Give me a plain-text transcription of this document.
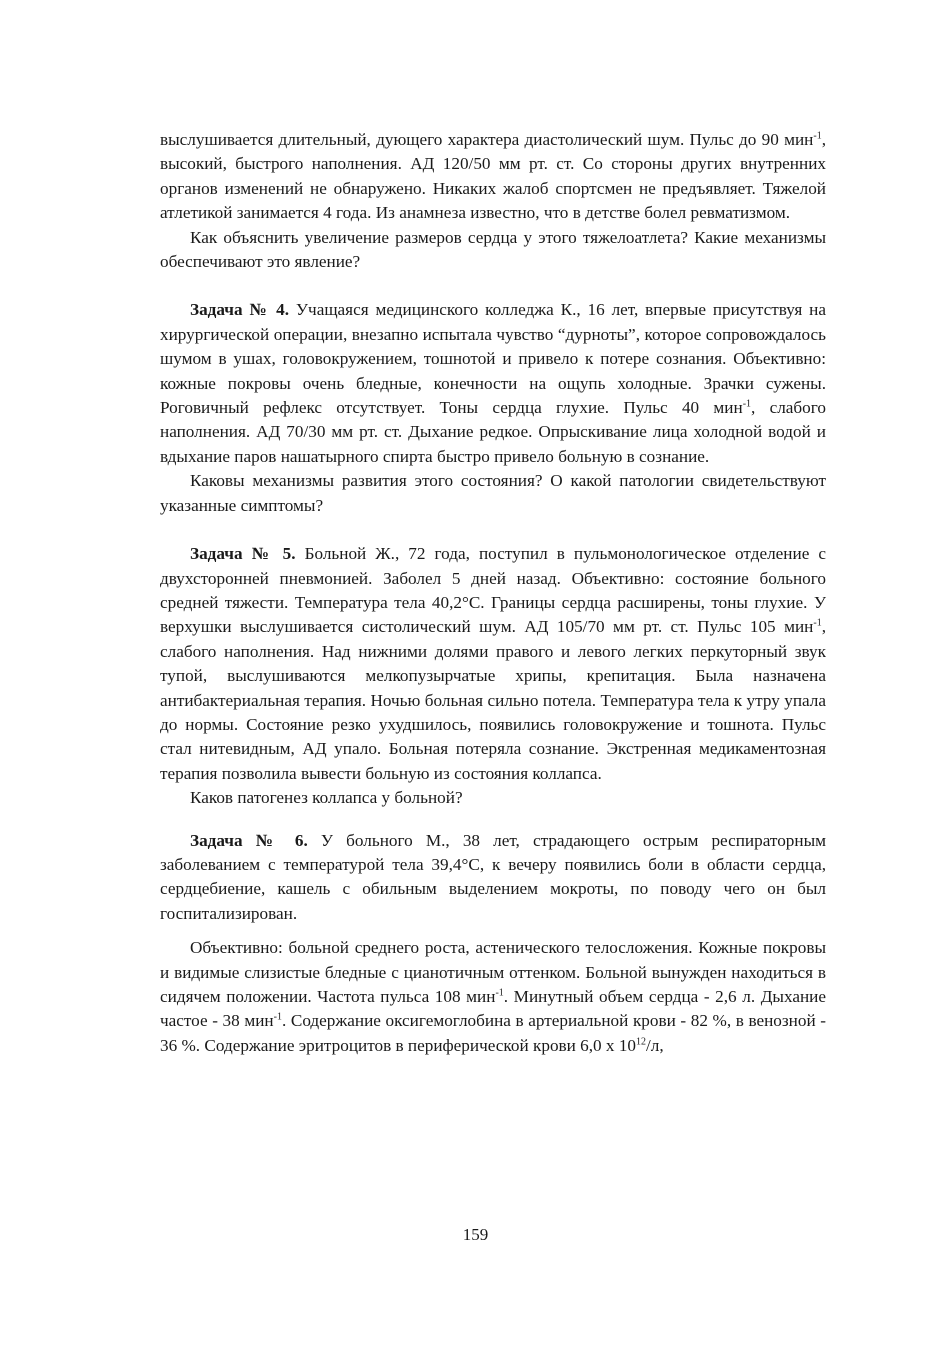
выслушивается длительный, дующего характера диастолический шум. Пульс до 90 мин$^{-1}$, высокий, быстрого наполнения. АД 120/50 мм рт. ст. Со стороны других внутренних органов изменений не обнаружено. Никаких жалоб спортсмен не предъявляет. Тяжелой атлетикой занимается 4 года. Из анамнеза известно, что в детстве болел ревматизмом.

Как объяснить увеличение размеров сердца у этого тяжелоатлета? Какие механизмы обеспечивают это явление?

Задача № 4. Учащаяся медицинского колледжа К., 16 лет, впервые присутствуя на хирургической операции, внезапно испытала чувство “дурноты”, которое сопровождалось шумом в ушах, головокружением, тошнотой и привело к потере сознания. Объективно: кожные покровы очень бледные, конечности на ощупь холодные. Зрачки сужены. Роговичный рефлекс отсутствует. Тоны сердца глухие. Пульс 40 мин$^{-1}$, слабого наполнения. АД 70/30 мм рт. ст. Дыхание редкое. Опрыскивание лица холодной водой и вдыхание паров нашатырного спирта быстро привело больную в сознание.

Каковы механизмы развития этого состояния? О какой патологии свидетельствуют указанные симптомы?

Задача № 5. Больной Ж., 72 года, поступил в пульмонологическое отделение с двухсторонней пневмонией. Заболел 5 дней назад. Объективно: состояние больного средней тяжести. Температура тела 40,2°С. Границы сердца расширены, тоны глухие. У верхушки выслушивается систолический шум. АД 105/70 мм рт. ст. Пульс 105 мин$^{-1}$, слабого наполнения. Над нижними долями правого и левого легких перкуторный звук тупой, выслушиваются мелкопузырчатые хрипы, крепитация. Была назначена антибактериальная терапия. Ночью больная сильно потела. Температура тела к утру упала до нормы. Состояние резко ухудшилось, появились головокружение и тошнота. Пульс стал нитевидным, АД упало. Больная потеряла сознание. Экстренная медикаментозная терапия позволила вывести больную из состояния коллапса.

Каков патогенез коллапса у больной?

Задача № 6. У больного М., 38 лет, страдающего острым респираторным заболеванием с температурой тела 39,4°С, к вечеру появились боли в области сердца, сердцебиение, кашель с обильным выделением мокроты, по поводу чего он был госпитализирован.

Объективно: больной среднего роста, астенического телосложения. Кожные покровы и видимые слизистые бледные с цианотичным оттенком. Больной вынужден находиться в сидячем положении. Частота пульса 108 мин$^{-1}$. Минутный объем сердца - 2,6 л. Дыхание частое - 38 мин$^{-1}$. Содержание оксигемоглобина в артериальной крови - 82 %, в венозной - 36 %. Содержание эритроцитов в периферической крови 6,0 х $10^{12}/л$,

159
